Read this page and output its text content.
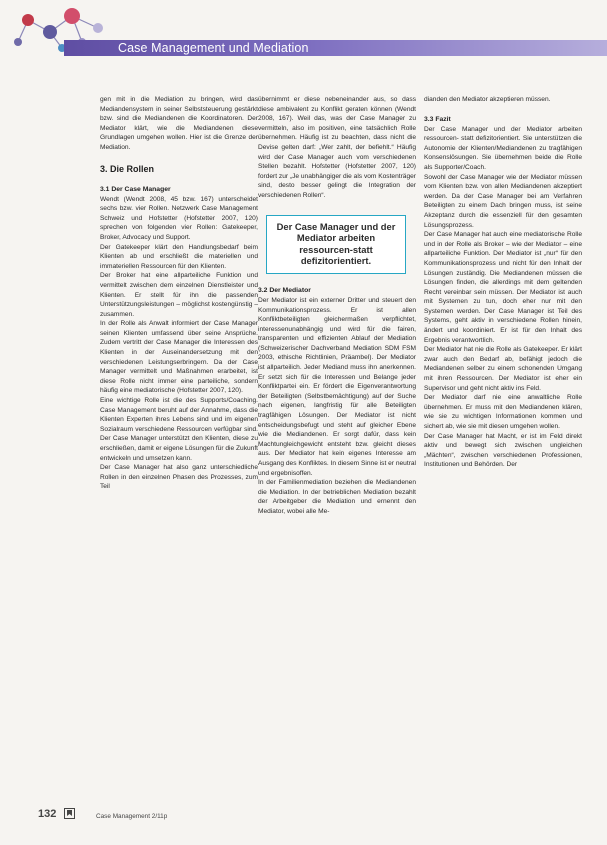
Case Management und Mediation

gen mit in die Mediation zu bringen, wird das Mediandensystem in seiner Selbststeuerung gestärkt bzw. sind die Mediandenen die Koordinatoren. Der Mediator klärt, wie die Mediandenen diese Grundlagen umgehen wollen. Hier ist die Grenze der Mediation.

3. Die Rollen
3.1 Der Case Manager

Wendt (Wendt 2008, 45 bzw. 167) unterscheidet sechs bzw. vier Rollen. Netzwerk Case Management Schweiz und Hofstetter (Hofstetter 2007, 120) sprechen von folgenden vier Rollen: Gatekeeper, Broker, Advocacy und Support.

Der Gatekeeper klärt den Handlungsbedarf beim Klienten ab und erschließt die materiellen und immateriellen Ressourcen für den Klienten.

Der Broker hat eine allparteiliche Funktion und vermittelt zwischen dem einzelnen Dienstleister und Klienten. Er stellt für ihn die passenden Unterstützungsleistungen – möglichst kostengünstig – zusammen.

In der Rolle als Anwalt informiert der Case Manager seinen Klienten umfassend über seine Ansprüche. Zudem vertritt der Case Manager die Interessen des Klienten in der Auseinandersetzung mit den verschiedenen Leistungserbringern. Da der Case Manager vermittelt und Maßnahmen erarbeitet, ist diese Rolle nicht immer eine parteiliche, sondern häufig eine mediatorische (Hofstetter 2007, 120).

Eine wichtige Rolle ist die des Supports/Coaching. Case Management beruht auf der Annahme, dass die Klienten Experten ihres Lebens sind und im eigenen Sozialraum verschiedene Ressourcen verfügbar sind. Der Case Manager unterstützt den Klienten, diese zu erschließen, damit er eigene Lösungen für die Zukunft entwickeln und umsetzen kann.

Der Case Manager hat also ganz unterschiedliche Rollen in den einzelnen Phasen des Prozesses, zum Teil

übernimmt er diese nebeneinander aus, so dass diese ambivalent zu Konflikt geraten können (Wendt 2008, 167). Weil das, was der Case Manager zu vermitteln, also im positiven, eine tatsächlich Rolle übernehmen. Häufig ist zu beachten, dass nicht die Devise gelten darf: „Wer zahlt, der befiehlt.“ Häufig wird der Case Manager auch vom verschiedenen Stellen bezahlt. Hofstetter (Hofstetter 2007, 120) fordert zur „Je unabhängiger die als vom Kostenträger sind, desto besser gelingt die Integration der verschiedenen Rollen“.

Der Case Manager und der Mediator arbeiten ressourcen-statt defizitorientiert.
3.2 Der Mediator

Der Mediator ist ein externer Dritter und steuert den Kommunikationsprozess. Er ist allen Konfliktbeteiligten gleichermaßen verpflichtet, interessenunabhängig und wird für die fairen, transparenten und effizienten Ablauf der Mediation (Schweizerischer Dachverband Mediation SDM FSM 2003, ethische Richtlinien, Präambel). Der Mediator ist allparteilich. Jeder Mediand muss ihn anerkennen. Er setzt sich für die Interessen und Belange jeder Konfliktpartei ein. Er fördert die Eigenverantwortung der Beteiligten (Selbstbemächtigung) auf der Suche nach eigenen, langfristig für alle Beteiligten tragfähigen Lösungen. Der Mediator ist nicht entscheidungsbefugt und steht auf gleicher Ebene wie die Mediandenen. Er sorgt dafür, dass kein Machtungleichgewicht entsteht bzw. gleicht dieses aus. Der Mediator hat kein eigenes Interesse am Ausgang des Konfliktes. In diesem Sinne ist er neutral und ergebnisoffen.

In der Familienmediation beziehen die Mediandenen die Mediation. In der betrieblichen Mediation bezahlt der Arbeitgeber die Mediation und ernennt den Mediator, wobei alle Me-

dianden den Mediator akzeptieren müssen.

3.3 Fazit

Der Case Manager und der Mediator arbeiten ressourcen- statt defizitorientiert. Sie unterstützen die Autonomie der Klienten/Mediandenen zu tragfähigen Konsenslösungen. Sie übernehmen beide die Rolle als Supporter/Coach.

Sowohl der Case Manager wie der Mediator müssen vom Klienten bzw. von allen Mediandenen akzeptiert werden. Da der Case Manager bei am Verfahren Beteiligten zu einem Dach bringen muss, ist seine Akzeptanz durch die essenziell für den gesamten Lösungsprozess.

Der Case Manager hat auch eine mediatorische Rolle und in der Rolle als Broker – wie der Mediator – eine allparteiliche Funktion. Der Mediator ist „nur“ für den Kommunikationsprozess und nicht für den Inhalt der Lösungen zuständig. Die Mediandenen müssen die Lösungen finden, die allerdings mit dem geltenden Recht vereinbar sein müssen. Der Mediator ist auch mit Systemen zu tun, doch eher nur mit den Systemen werden. Der Case Manager ist Teil des Systems, geht aktiv in verschiedene Rollen hinein, ändert und koordiniert. Er ist für den Inhalt des Ergebnis verantwortlich.

Der Mediator hat nie die Rolle als Gatekeeper. Er klärt zwar auch den Bedarf ab, befähigt jedoch die Mediandenen selber zu einem schonenden Umgang mit ihren Ressourcen. Der Mediator ist eher ein Supervisor und geht nicht aktiv ins Feld.

Der Mediator darf nie eine anwaltliche Rolle übernehmen. Er muss mit den Mediandenen klären, wie sie zu wichtigen Informationen kommen und sichert ab, wie sie mit diesen umgehen wollen.

Der Case Manager hat Macht, er ist im Feld direkt aktiv und bewegt sich zwischen ungleichen „Mächten“, zwischen verschiedenen Professionen, Institutionen und Behörden. Der

132	Case Management 2/11p
